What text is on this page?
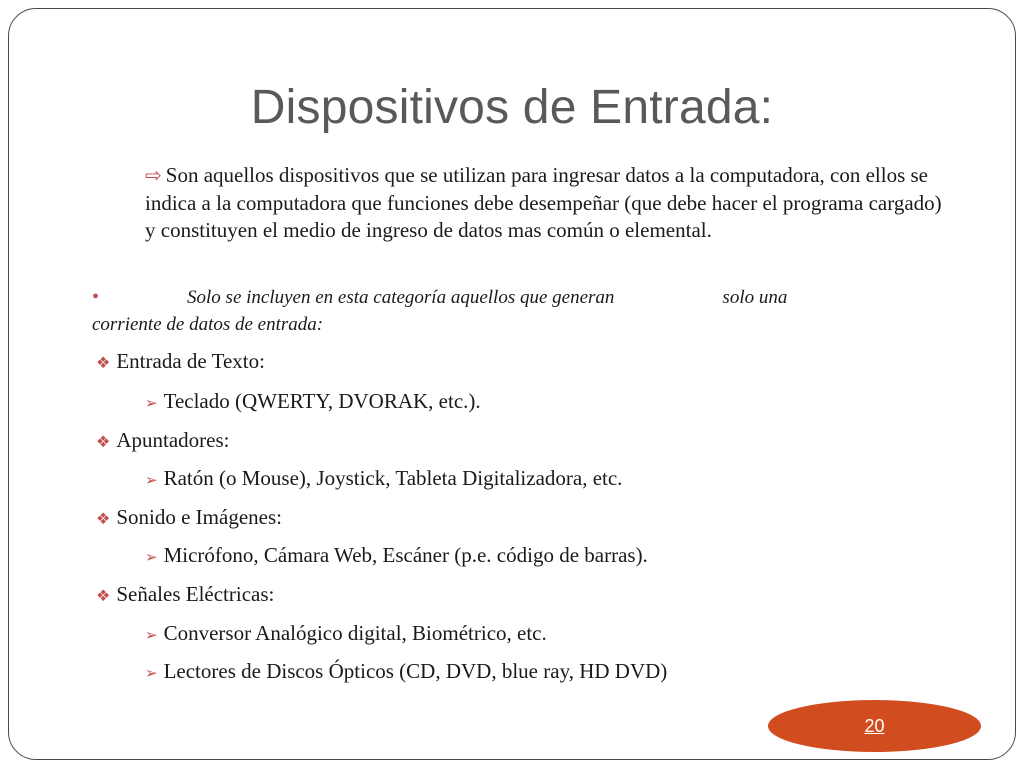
Dispositivos de Entrada:
⇨ Son aquellos dispositivos que se utilizan para ingresar datos a la computadora, con ellos se indica a la computadora que funciones debe desempeñar (que debe hacer el programa cargado) y constituyen el medio de ingreso de datos mas común o elemental.
•	Solo se incluyen en esta categoría aquellos que generan	solo una
corriente de datos de entrada:
❖ Entrada de Texto:
➢ Teclado (QWERTY, DVORAK, etc.).
❖ Apuntadores:
➢ Ratón (o Mouse), Joystick, Tableta Digitalizadora, etc.
❖ Sonido e Imágenes:
➢ Micrófono, Cámara Web, Escáner (p.e. código de barras).
❖ Señales Eléctricas:
➢ Conversor Analógico digital, Biométrico, etc.
➢ Lectores de Discos Ópticos (CD, DVD, blue ray, HD DVD)
20
